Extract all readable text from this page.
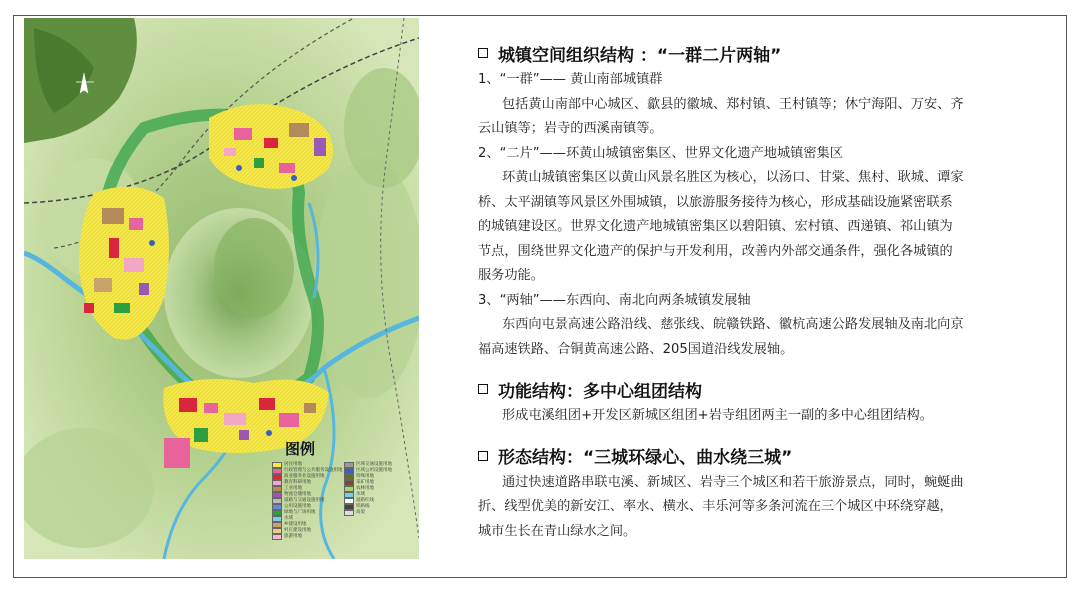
图例
居住用地
行政管理与公共服务设施用地
商业服务业设施用地
教育科研用地
工业用地
物流仓储用地
道路与交通设施用地
公用设施用地
绿地与广场用地
水域
乡建设用地
村庄建设用地
旅游用地
区域交通设施用地
区域公用设施用地
特殊用地
采矿用地
农林用地
水域
道路红线
铁路线
高架
城镇空间组织结构 ：“一群二片两轴”
1、“一群”—— 黄山南部城镇群
包括黄山南部中心城区、歙县的徽城、郑村镇、王村镇等；休宁海阳、万安、齐
云山镇等；岩寺的西溪南镇等。
2、“二片”——环黄山城镇密集区、世界文化遗产地城镇密集区
环黄山城镇密集区以黄山风景名胜区为核心，以汤口、甘棠、焦村、耿城、谭家
桥、太平湖镇等风景区外围城镇，以旅游服务接待为核心，形成基础设施紧密联系
的城镇建设区。世界文化遗产地城镇密集区以碧阳镇、宏村镇、西递镇、祁山镇为
节点，围绕世界文化遗产的保护与开发利用，改善内外部交通条件，强化各城镇的
服务功能。
3、“两轴”——东西向、南北向两条城镇发展轴
东西向屯景高速公路沿线、慈张线、皖赣铁路、徽杭高速公路发展轴及南北向京
福高速铁路、合铜黄高速公路、205国道沿线发展轴。
功能结构：多中心组团结构
形成屯溪组团+开发区新城区组团+岩寺组团两主一副的多中心组团结构。
形态结构：“三城环绿心、曲水绕三城”
通过快速道路串联屯溪、新城区、岩寺三个城区和若干旅游景点，同时，蜿蜒曲
折、线型优美的新安江、率水、横水、丰乐河等多条河流在三个城区中环绕穿越，
城市生长在青山绿水之间。
